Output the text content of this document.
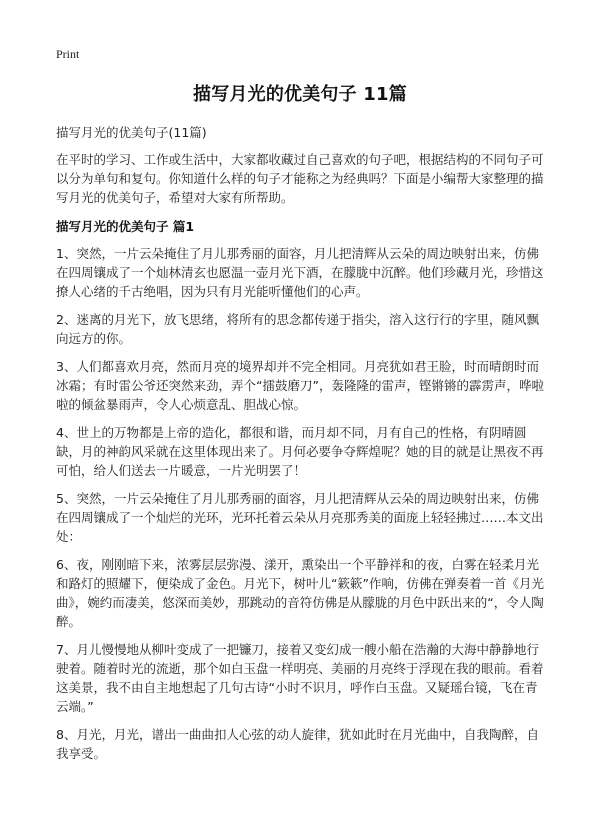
Print
描写月光的优美句子 11篇
描写月光的优美句子(11篇)

在平时的学习、工作或生活中，大家都收藏过自己喜欢的句子吧，根据结构的不同句子可以分为单句和复句。你知道什么样的句子才能称之为经典吗？下面是小编帮大家整理的描写月光的优美句子，希望对大家有所帮助。

描写月光的优美句子 篇1

1、突然，一片云朵掩住了月儿那秀丽的面容，月儿把清辉从云朵的周边映射出来，仿佛在四周镶成了一个灿林清玄也愿温一壶月光下酒，在朦胧中沉醉。他们珍藏月光，珍惜这撩人心绪的千古绝唱，因为只有月光能听懂他们的心声。

2、迷离的月光下，放飞思绪，将所有的思念都传递于指尖，溶入这行行的字里，随风飘向远方的你。

3、人们都喜欢月亮，然而月亮的境界却并不完全相同。月亮犹如君王脸，时而晴朗时而冰霜；有时雷公爷还突然来劲，弄个“擂鼓磨刀”，轰隆隆的雷声，铿锵锵的霹雳声，哗啦啦的倾盆暴雨声，令人心烦意乱、胆战心惊。

4、世上的万物都是上帝的造化，都很和谐，而月却不同，月有自己的性格，有阴晴圆缺，月的神韵风采就在这里体现出来了。月何必要争夺辉煌呢？她的目的就是让黑夜不再可怕，给人们送去一片暖意，一片光明罢了！

5、突然，一片云朵掩住了月儿那秀丽的面容，月儿把清辉从云朵的周边映射出来，仿佛在四周镶成了一个灿烂的光环，光环托着云朵从月亮那秀美的面庞上轻轻拂过……本文出处：

6、夜，刚刚暗下来，浓雾层层弥漫、漾开，熏染出一个平静祥和的夜，白雾在轻柔月光和路灯的照耀下，便染成了金色。月光下，树叶儿“簌簌”作响，仿佛在弹奏着一首《月光曲》，婉约而凄美，悠深而美妙，那跳动的音符仿佛是从朦胧的月色中跃出来的“，令人陶醉。

7、月儿慢慢地从柳叶变成了一把镰刀，接着又变幻成一艘小船在浩瀚的大海中静静地行驶着。随着时光的流逝，那个如白玉盘一样明亮、美丽的月亮终于浮现在我的眼前。看着这美景，我不由自主地想起了几句古诗“小时不识月，呼作白玉盘。又疑瑶台镜，飞在青云端。”

8、月光，月光，谱出一曲曲扣人心弦的动人旋律，犹如此时在月光曲中，自我陶醉，自我享受。
